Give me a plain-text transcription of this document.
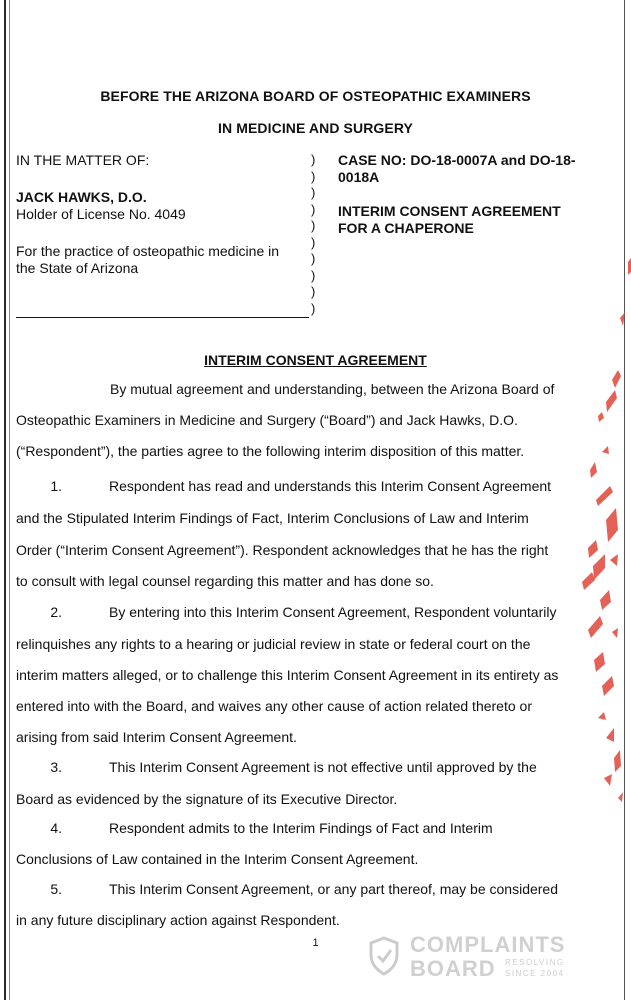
BEFORE THE ARIZONA BOARD OF OSTEOPATHIC EXAMINERS
IN MEDICINE AND SURGERY
IN THE MATTER OF:
JACK HAWKS, D.O.
Holder of License No. 4049
For the practice of osteopathic medicine in
the State of Arizona
)
)
)
)
)
)
)
)
)
)
CASE NO: DO-18-0007A and DO-18-
0018A
INTERIM CONSENT AGREEMENT
FOR A CHAPERONE
INTERIM CONSENT AGREEMENT
By mutual agreement and understanding, between the Arizona Board of
Osteopathic Examiners in Medicine and Surgery (“Board”) and Jack Hawks, D.O.
(“Respondent”), the parties agree to the following interim disposition of this matter.
1.	Respondent has read and understands this Interim Consent Agreement
and the Stipulated Interim Findings of Fact, Interim Conclusions of Law and Interim
Order (“Interim Consent Agreement”). Respondent acknowledges that he has the right
to consult with legal counsel regarding this matter and has done so.
2.	By entering into this Interim Consent Agreement, Respondent voluntarily
relinquishes any rights to a hearing or judicial review in state or federal court on the
interim matters alleged, or to challenge this Interim Consent Agreement in its entirety as
entered into with the Board, and waives any other cause of action related thereto or
arising from said Interim Consent Agreement.
3.	This Interim Consent Agreement is not effective until approved by the
Board as evidenced by the signature of its Executive Director.
4.	Respondent admits to the Interim Findings of Fact and Interim
Conclusions of Law contained in the Interim Consent Agreement.
5.	This Interim Consent Agreement, or any part thereof, may be considered
in any future disciplinary action against Respondent.
1	COMPLAINTS
BOARD RESOLVING
SINCE 2004
